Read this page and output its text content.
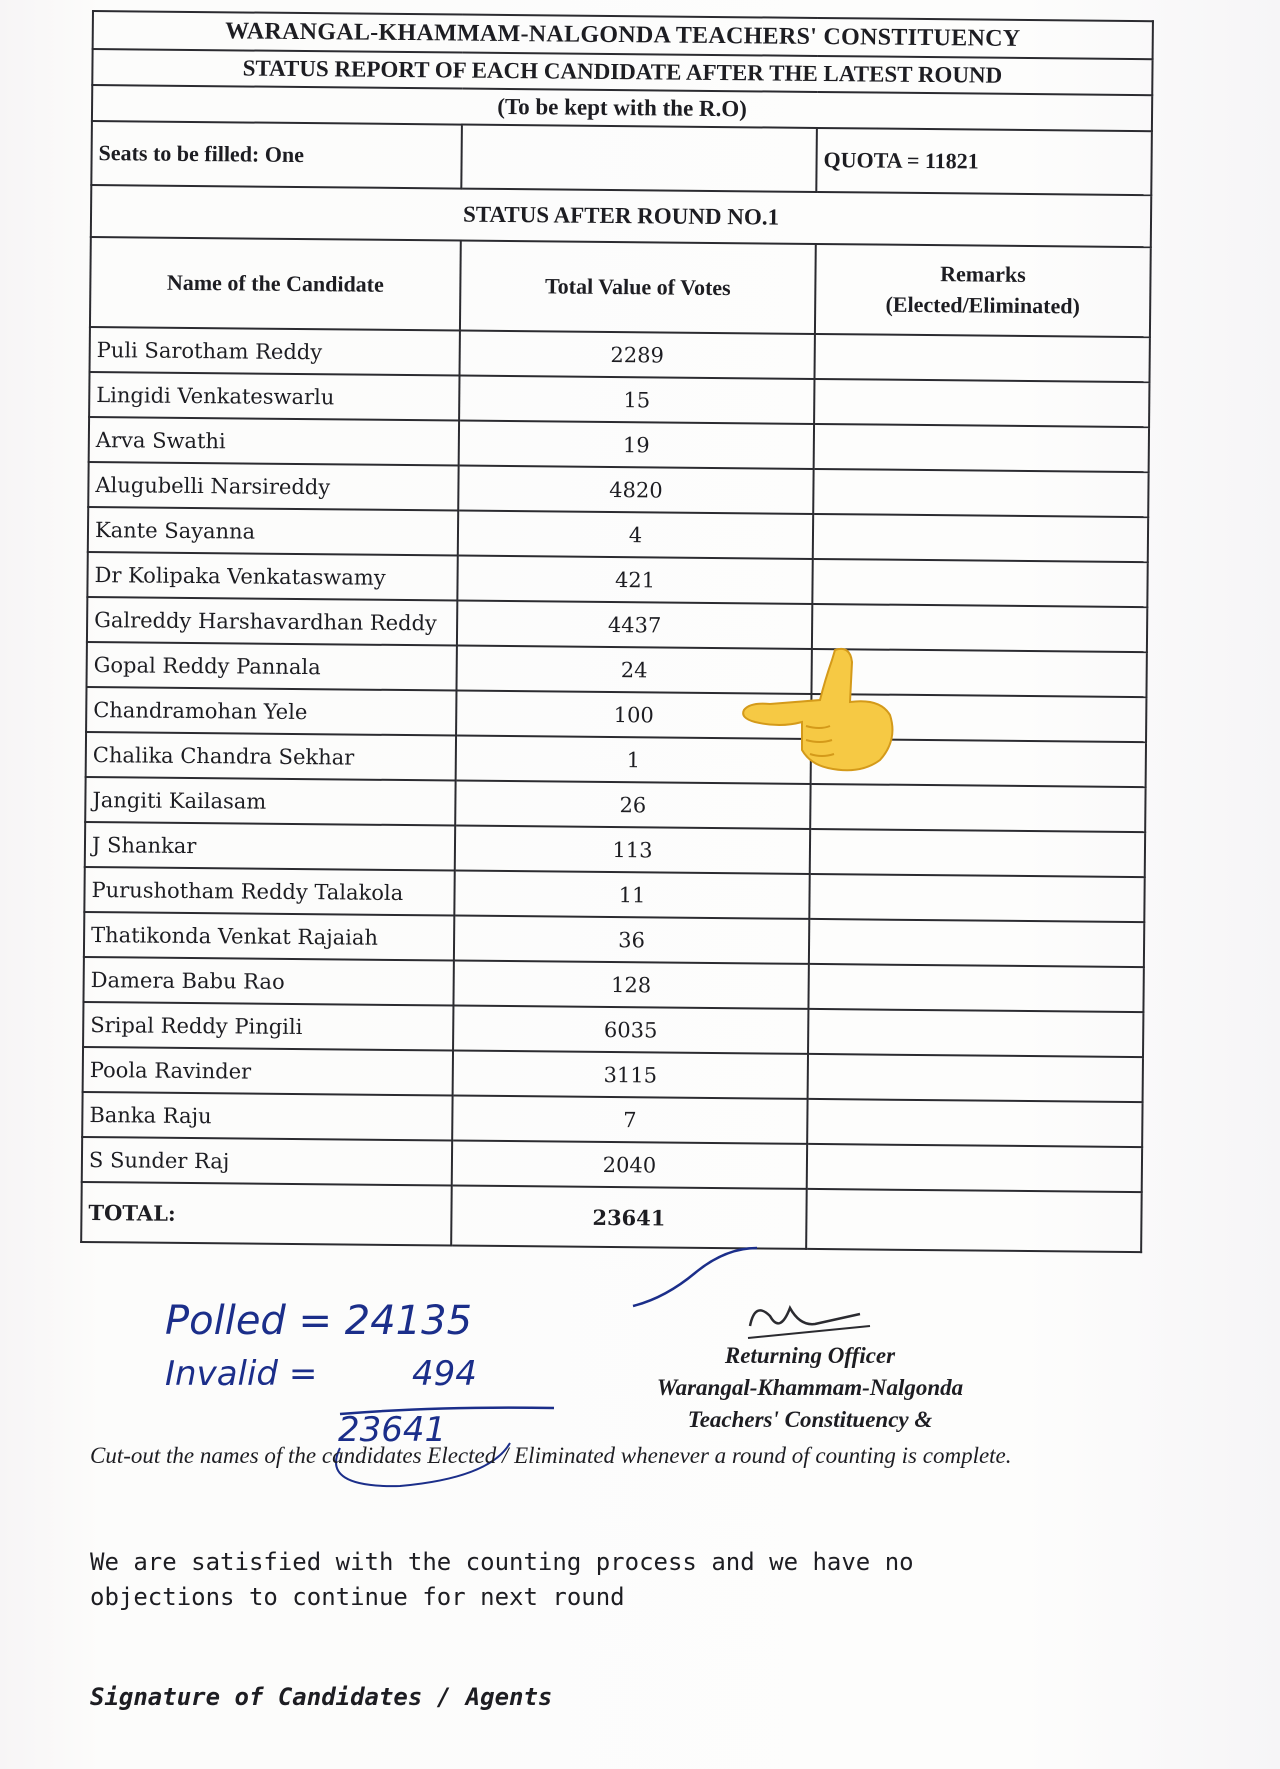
WARANGAL-KHAMMAM-NALGONDA TEACHERS' CONSTITUENCY		
STATUS REPORT OF EACH CANDIDATE AFTER THE LATEST ROUND		
(To be kept with the R.O)		
Seats to be filled: One		QUOTA = 11821
STATUS AFTER ROUND NO.1		
Name of the Candidate	Total Value of Votes	Remarks
(Elected/Eliminated)
Puli Sarotham Reddy	2289	
Lingidi Venkateswarlu	15	
Arva Swathi	19	
Alugubelli Narsireddy	4820	
Kante Sayanna	4	
Dr Kolipaka Venkataswamy	421	
Galreddy Harshavardhan Reddy	4437	
Gopal Reddy Pannala	24	
Chandramohan Yele	100	
Chalika Chandra Sekhar	1	
Jangiti Kailasam	26	
J Shankar	113	
Purushotham Reddy Talakola	11	
Thatikonda Venkat Rajaiah	36	
Damera Babu Rao	128	
Sripal Reddy Pingili	6035	
Poola Ravinder	3115	
Banka Raju	7	
S Sunder Raj	2040	
TOTAL:	23641	
Polled = 24135
Invalid =	494
23641
Returning Officer
Warangal-Khammam-Nalgonda
Teachers' Constituency &
Cut-out the names of the candidates Elected / Eliminated whenever a round of counting is complete.
We are satisfied with the counting process and we have no objections to continue for next round
Signature of Candidates / Agents
